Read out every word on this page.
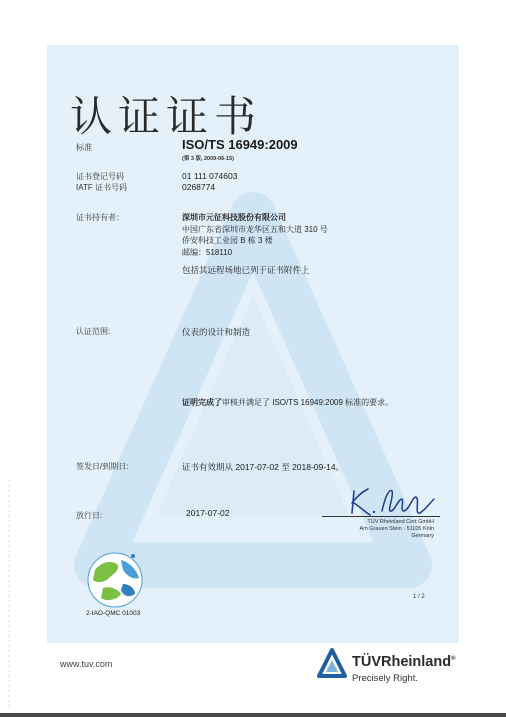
认证证书
标准	ISO/TS 16949:2009
(第 3 版, 2009-06-15)
证书登记号码	01 111 074603
IATF 证书号码	0268774
证书持有者：	深圳市元征科技股份有限公司
中国广东省深圳市龙华区五和大道 310 号
侨安科技工业园 B 栋 3 楼
邮编：518110
包括其远程场地已列于证书附件上
认证范围:	仪表的设计和制造
证明完成了审核并满足了 ISO/TS 16949:2009 标准的要求。
签发日/到期日:	证书有效期从 2017-07-02 至 2018-09-14。
放行日:	2017-07-02
TÜV Rheinland Cert GmbH
Am Grauen Stein · 51105 Köln
Germany
2-IAO-QMC 01003
1 / 2
www.tuv.com	TÜVRheinland®
Precisely Right.
